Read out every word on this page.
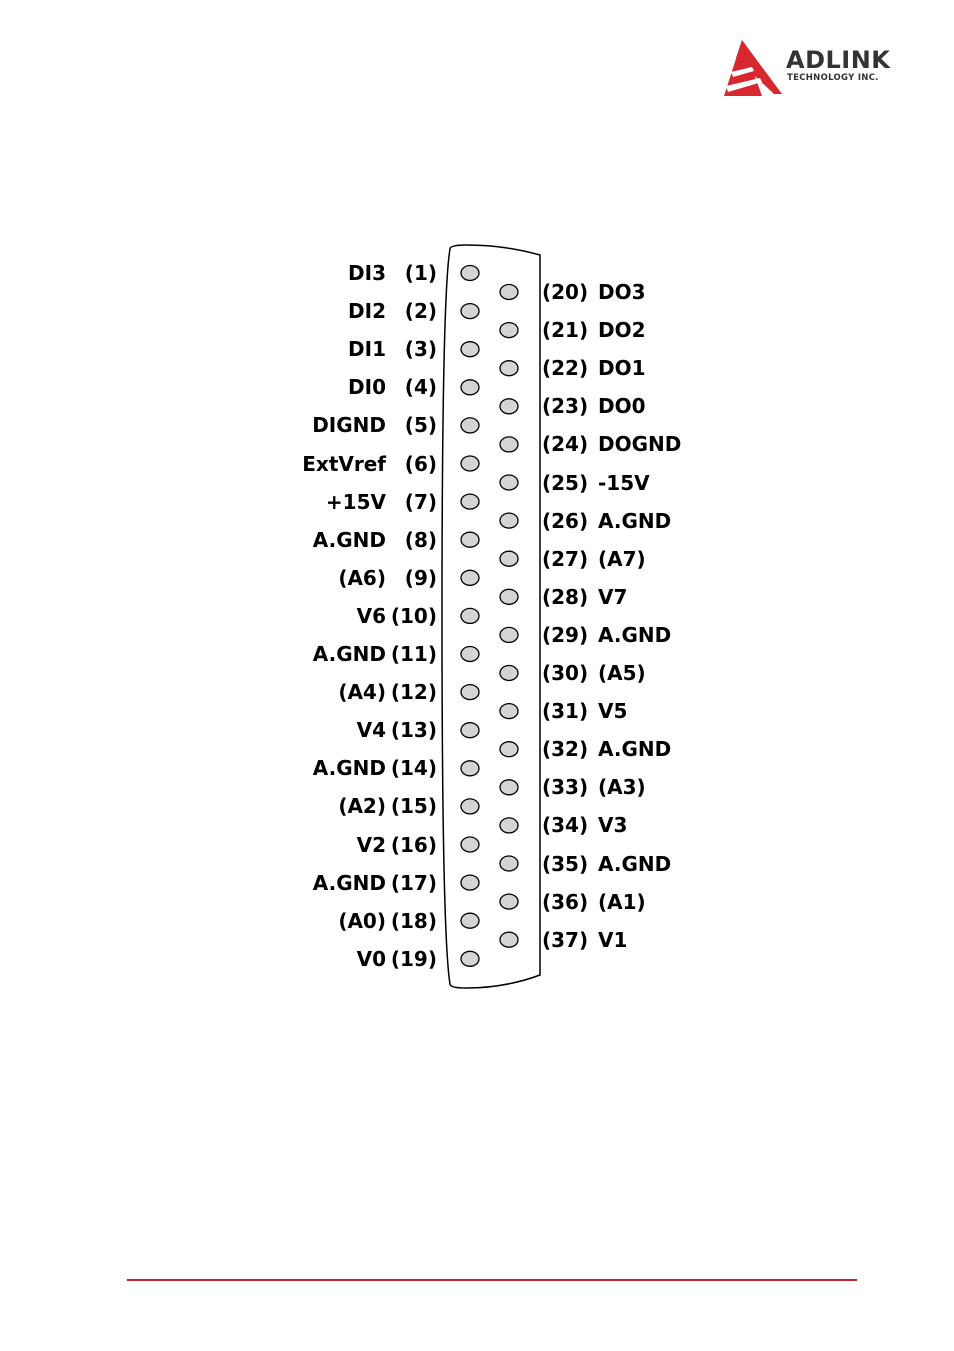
ADLINK
TECHNOLOGY INC.
(1)
DI3
(2)
DI2
(3)
DI1
(4)
DI0
(5)
DIGND
(6)
ExtVref
(7)
+15V
(8)
A.GND
(9)
(A6)
(10)
V6
(11)
A.GND
(12)
(A4)
(13)
V4
(14)
A.GND
(15)
(A2)
(16)
V2
(17)
A.GND
(18)
(A0)
(19)
V0
(20) DO3
(21) DO2
(22) DO1
(23) DO0
(24) DOGND
(25) -15V
(26) A.GND
(27) (A7)
(28) V7
(29) A.GND
(30) (A5)
(31) V5
(32) A.GND
(33) (A3)
(34) V3
(35) A.GND
(36) (A1)
(37) V1
